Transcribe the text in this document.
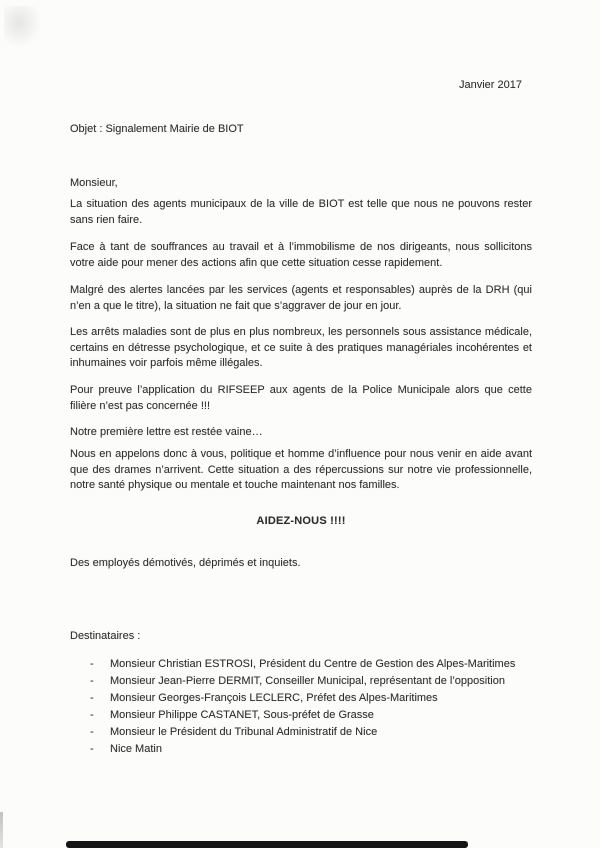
Janvier 2017
Objet : Signalement Mairie de BIOT
Monsieur,

La situation des agents municipaux de la ville de BIOT est telle que nous ne pouvons rester sans rien faire.

Face à tant de souffrances au travail et à l’immobilisme de nos dirigeants, nous sollicitons votre aide pour mener des actions afin que cette situation cesse rapidement.

Malgré des alertes lancées par les services (agents et responsables) auprès de la DRH (qui n’en a que le titre), la situation ne fait que s’aggraver de jour en jour.

Les arrêts maladies sont de plus en plus nombreux, les personnels sous assistance médicale, certains en détresse psychologique, et ce suite à des pratiques managériales incohérentes et inhumaines voir parfois même illégales.

Pour preuve l’application du RIFSEEP aux agents de la Police Municipale alors que cette filière n’est pas concernée !!!

Notre première lettre est restée vaine…

Nous en appelons donc à vous, politique et homme d’influence pour nous venir en aide avant que des drames n’arrivent. Cette situation a des répercussions sur notre vie professionnelle, notre santé physique ou mentale et touche maintenant nos familles.

AIDEZ-NOUS !!!!
Des employés démotivés, déprimés et inquiets.
Destinataires :
-	Monsieur Christian ESTROSI, Président du Centre de Gestion des Alpes-Maritimes
-	Monsieur Jean-Pierre DERMIT, Conseiller Municipal, représentant de l’opposition
-	Monsieur Georges-François LECLERC, Préfet des Alpes-Maritimes
-	Monsieur Philippe CASTANET, Sous-préfet de Grasse
-	Monsieur le Président du Tribunal Administratif de Nice
-	Nice Matin
